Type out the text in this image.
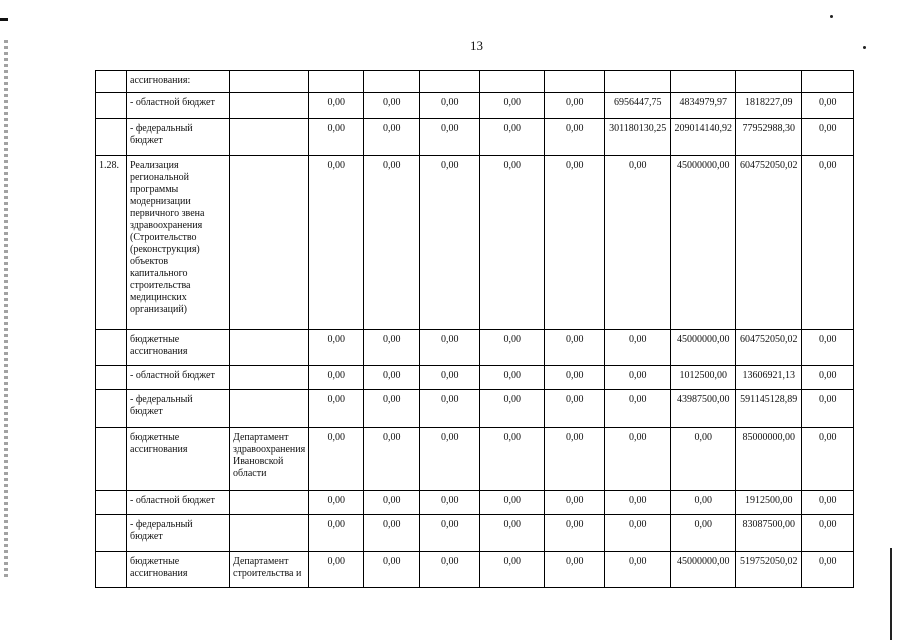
13
	ассигнования:										
	- областной бюджет		0,00	0,00	0,00	0,00	0,00	6956447,75	4834979,97	1818227,09	0,00
	- федеральный бюджет		0,00	0,00	0,00	0,00	0,00	301180130,25	209014140,92	77952988,30	0,00
1.28.	Реализация региональной программы модернизации первичного звена здравоохранения (Строительство (реконструкция) объектов капитального строительства медицинских организаций)		0,00	0,00	0,00	0,00	0,00	0,00	45000000,00	604752050,02	0,00
	бюджетные ассигнования		0,00	0,00	0,00	0,00	0,00	0,00	45000000,00	604752050,02	0,00
	- областной бюджет		0,00	0,00	0,00	0,00	0,00	0,00	1012500,00	13606921,13	0,00
	- федеральный бюджет		0,00	0,00	0,00	0,00	0,00	0,00	43987500,00	591145128,89	0,00
	бюджетные ассигнования	Департамент здравоохранения Ивановской области	0,00	0,00	0,00	0,00	0,00	0,00	0,00	85000000,00	0,00
	- областной бюджет		0,00	0,00	0,00	0,00	0,00	0,00	0,00	1912500,00	0,00
	- федеральный бюджет		0,00	0,00	0,00	0,00	0,00	0,00	0,00	83087500,00	0,00
	бюджетные ассигнования	Департамент строительства и	0,00	0,00	0,00	0,00	0,00	0,00	45000000,00	519752050,02	0,00
